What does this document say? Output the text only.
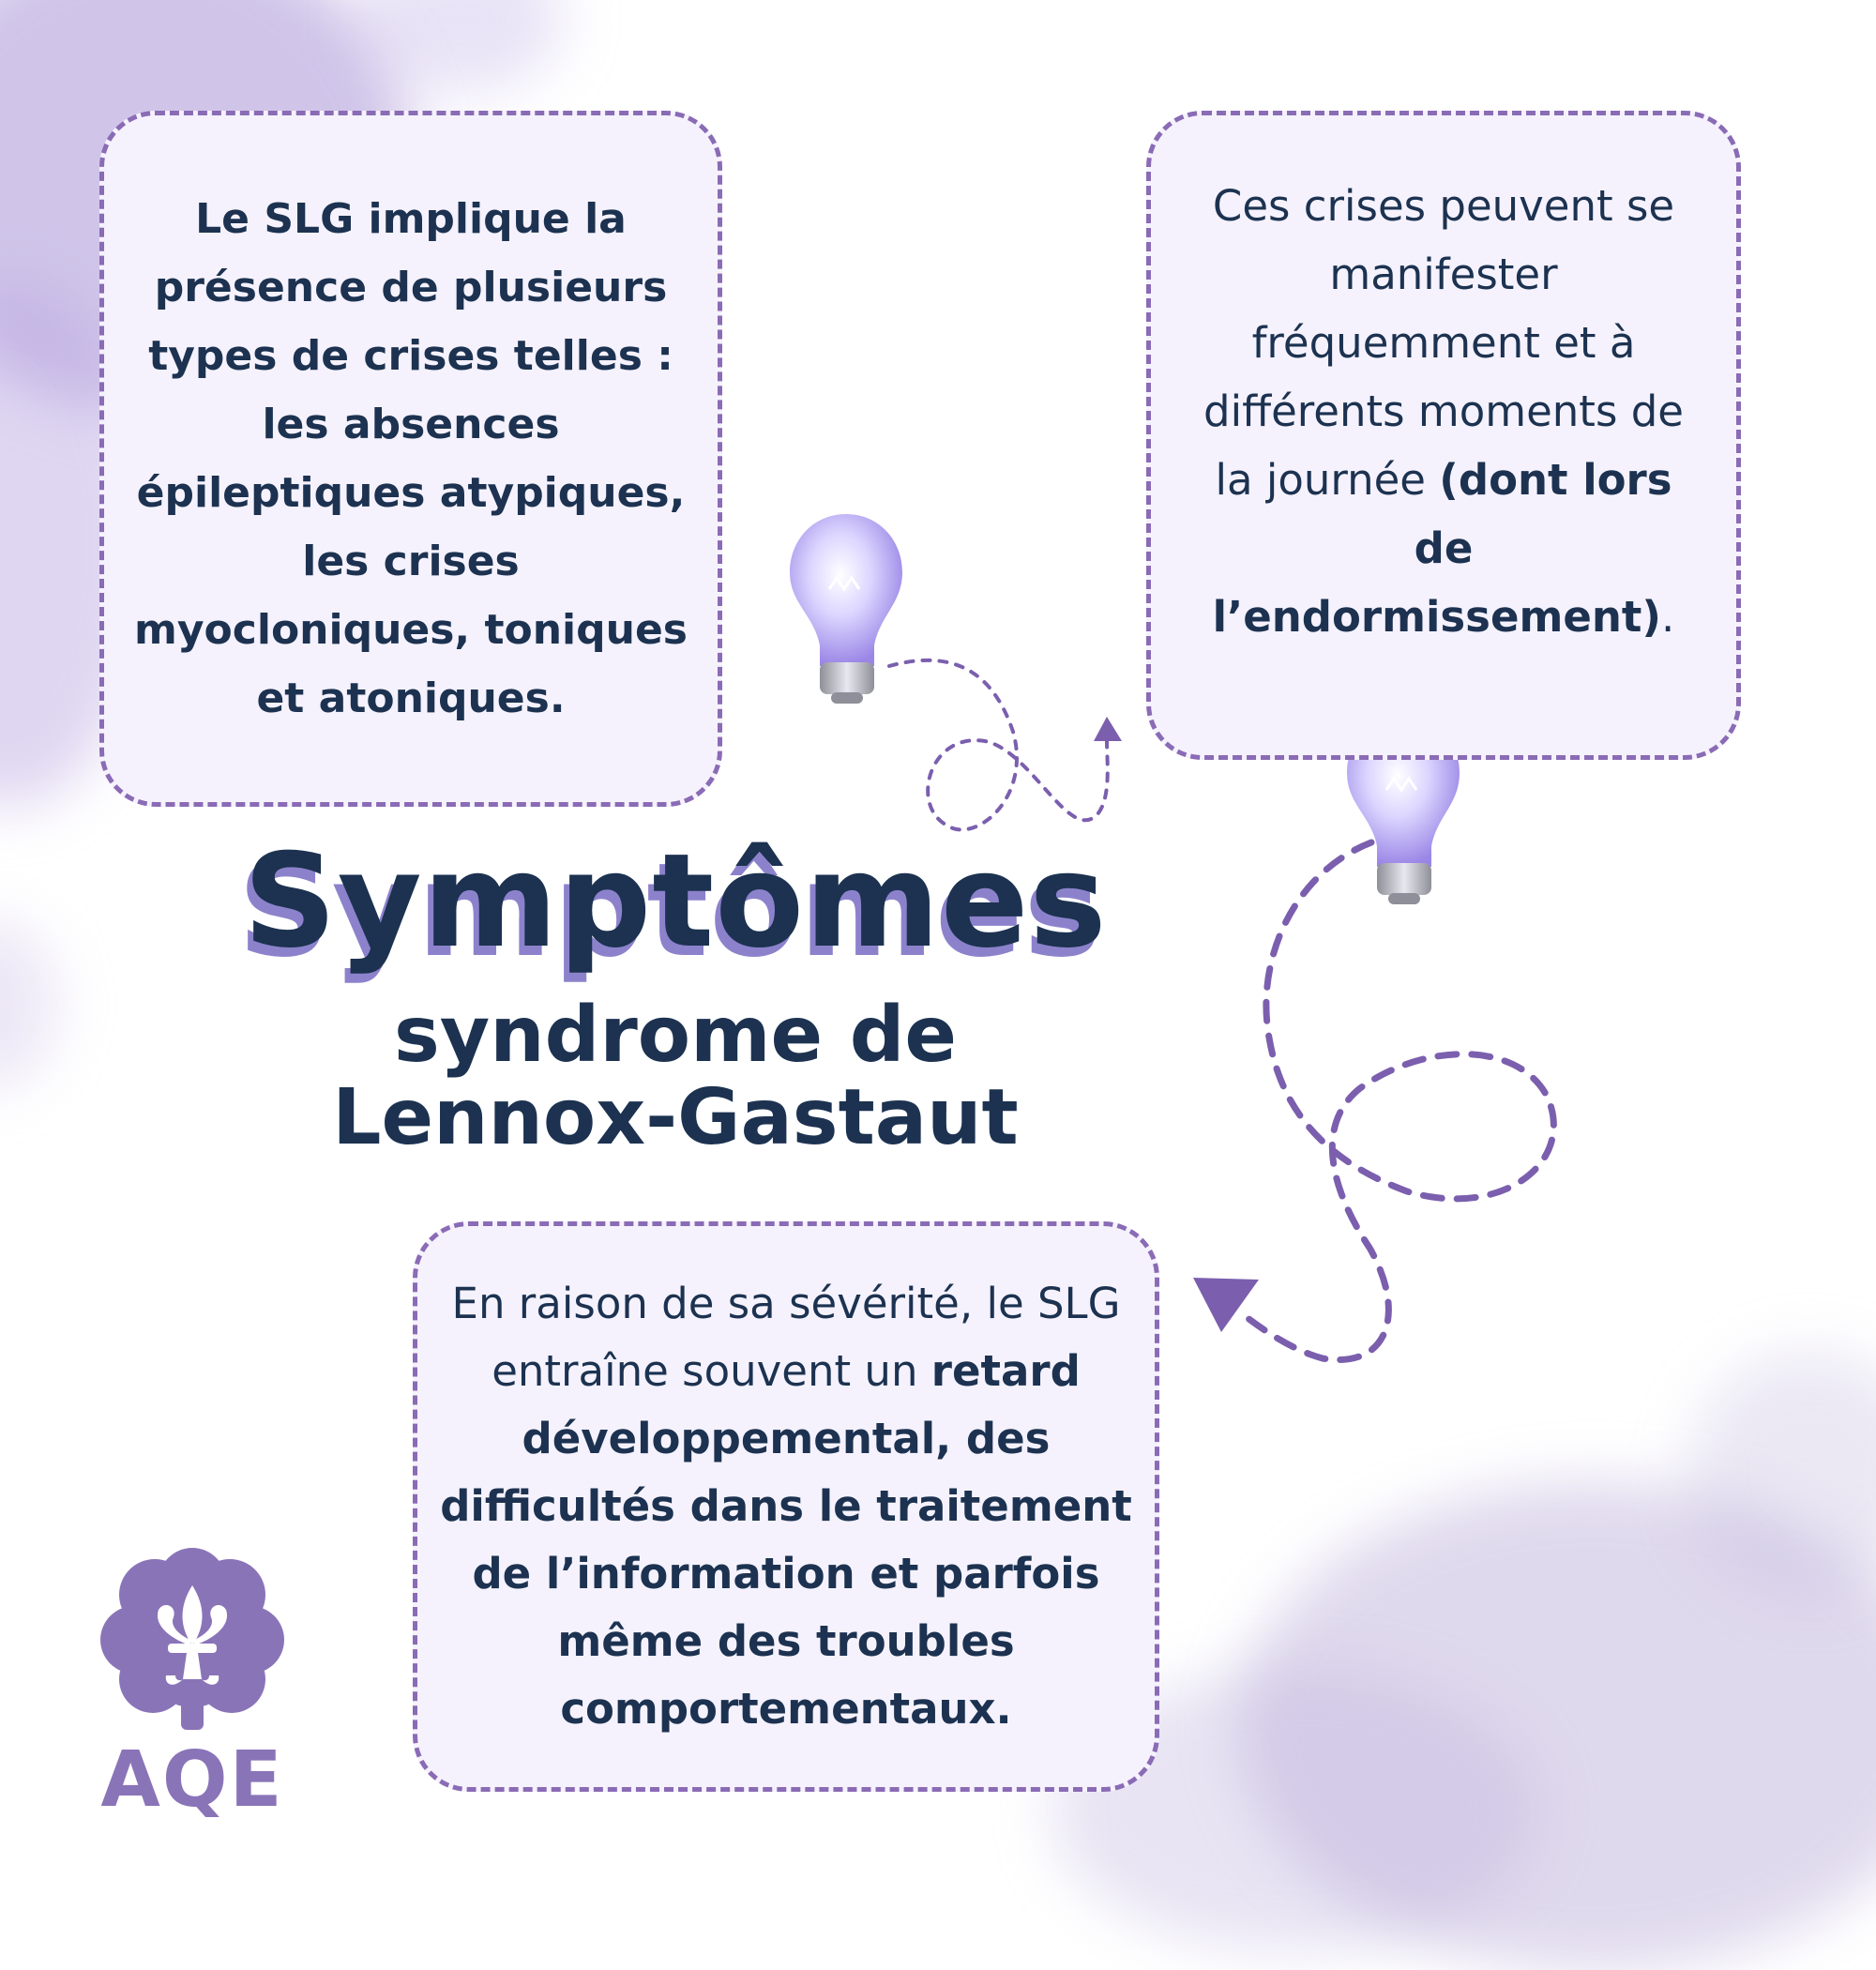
Le SLG implique la présence de plusieurs types de crises telles : les absences épileptiques atypiques, les crises myocloniques, toniques et atoniques.

Ces crises peuvent se manifester fréquemment et à différents moments de la journée (dont lors de l’endormissement).

Symptômes
syndrome de
Lennox-Gastaut

En raison de sa sévérité, le SLG entraîne souvent un retard développemental, des difficultés dans le traitement de l’information et parfois même des troubles comportementaux.

AQE
